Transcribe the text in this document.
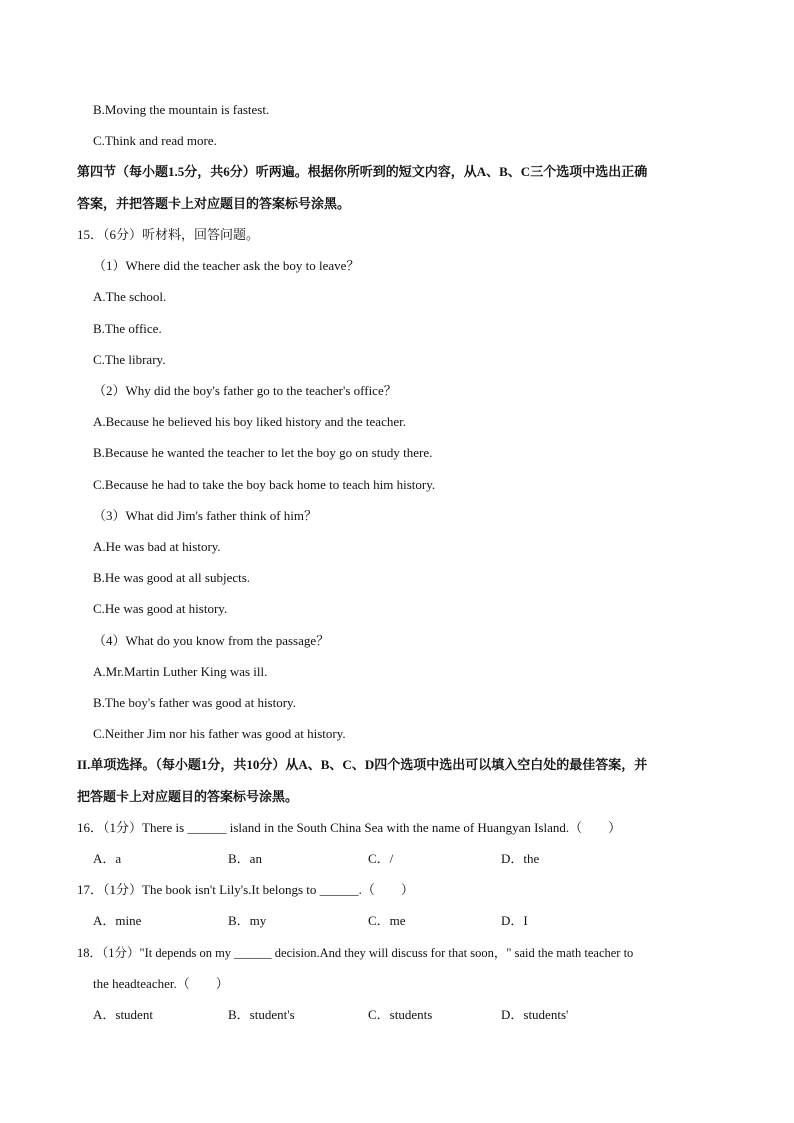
B.Moving the mountain is fastest.
C.Think and read more.
第四节（每小题1.5分，共6分）听两遍。根据你所听到的短文内容，从A、B、C三个选项中选出正确
答案，并把答题卡上对应题目的答案标号涂黑。
15．（6分）听材料，回答问题。
（1）Where did the teacher ask the boy to leave？
A.The school.
B.The office.
C.The library.
（2）Why did the boy's father go to the teacher's office？
A.Because he believed his boy liked history and the teacher.
B.Because he wanted the teacher to let the boy go on study there.
C.Because he had to take the boy back home to teach him history.
（3）What did Jim's father think of him？
A.He was bad at history.
B.He was good at all subjects.
C.He was good at history.
（4）What do you know from the passage？
A.Mr.Martin Luther King was ill.
B.The boy's father was good at history.
C.Neither Jim nor his father was good at history.
II.单项选择。（每小题1分，共10分）从A、B、C、D四个选项中选出可以填入空白处的最佳答案，并
把答题卡上对应题目的答案标号涂黑。
16．（1分）There is ______ island in the South China Sea with the name of Huangyan Island.（　　）
A．a	B．an	C．/	D．the
17．（1分）The book isn't Lily's.It belongs to ______.（　　）
A．mine	B．my	C．me	D．I
18．（1分）"It depends on my ______ decision.And they will discuss for that soon，" said the math teacher to
the headteacher.（　　）
A．student	B．student's	C．students	D．students'
